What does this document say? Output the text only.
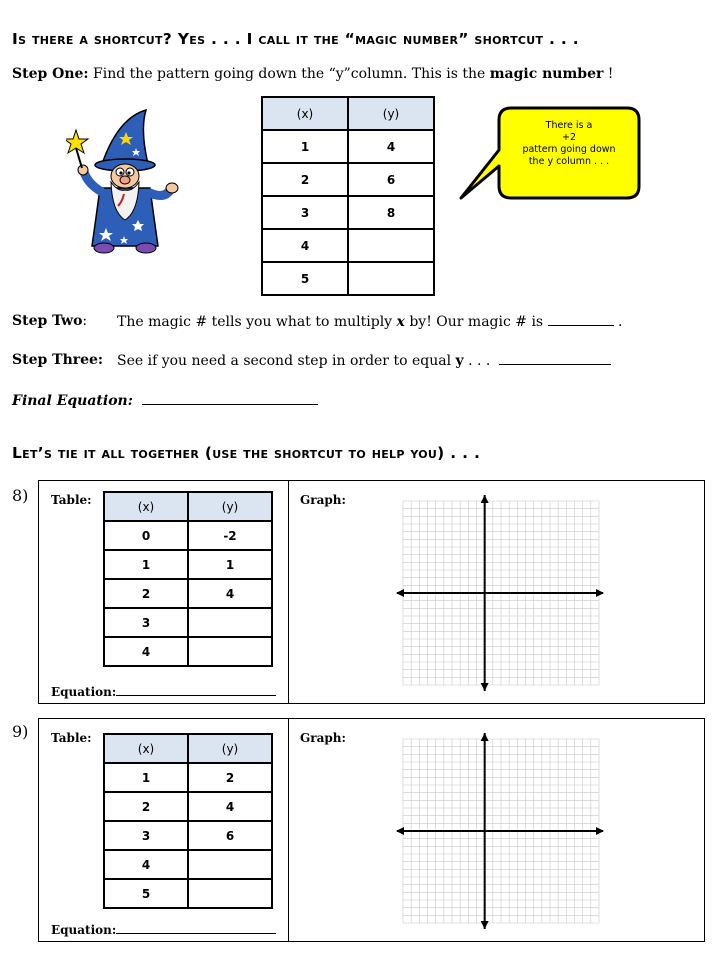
Is there a shortcut? Yes . . . I call it the “magic number” shortcut . . .
Step One: Find the pattern going down the “y”column. This is the magic number !
(x)	(y)
1	4
2	6
3	8
4	
5	
There is a
+2
pattern going down
the y column . . .
Step Two: The magic # tells you what to multiply x by! Our magic # is	.
Step Three: See if you need a second step in order to equal y . . .
Final Equation:
Let’s tie it all together (use the shortcut to help you) . . .
8) Table:	Graph:
(x)	(y)
0	-2
1	1
2	4
3	
4	
Equation:
9) Table:	Graph:
(x)	(y)
1	2
2	4
3	6
4	
5	
Equation:
